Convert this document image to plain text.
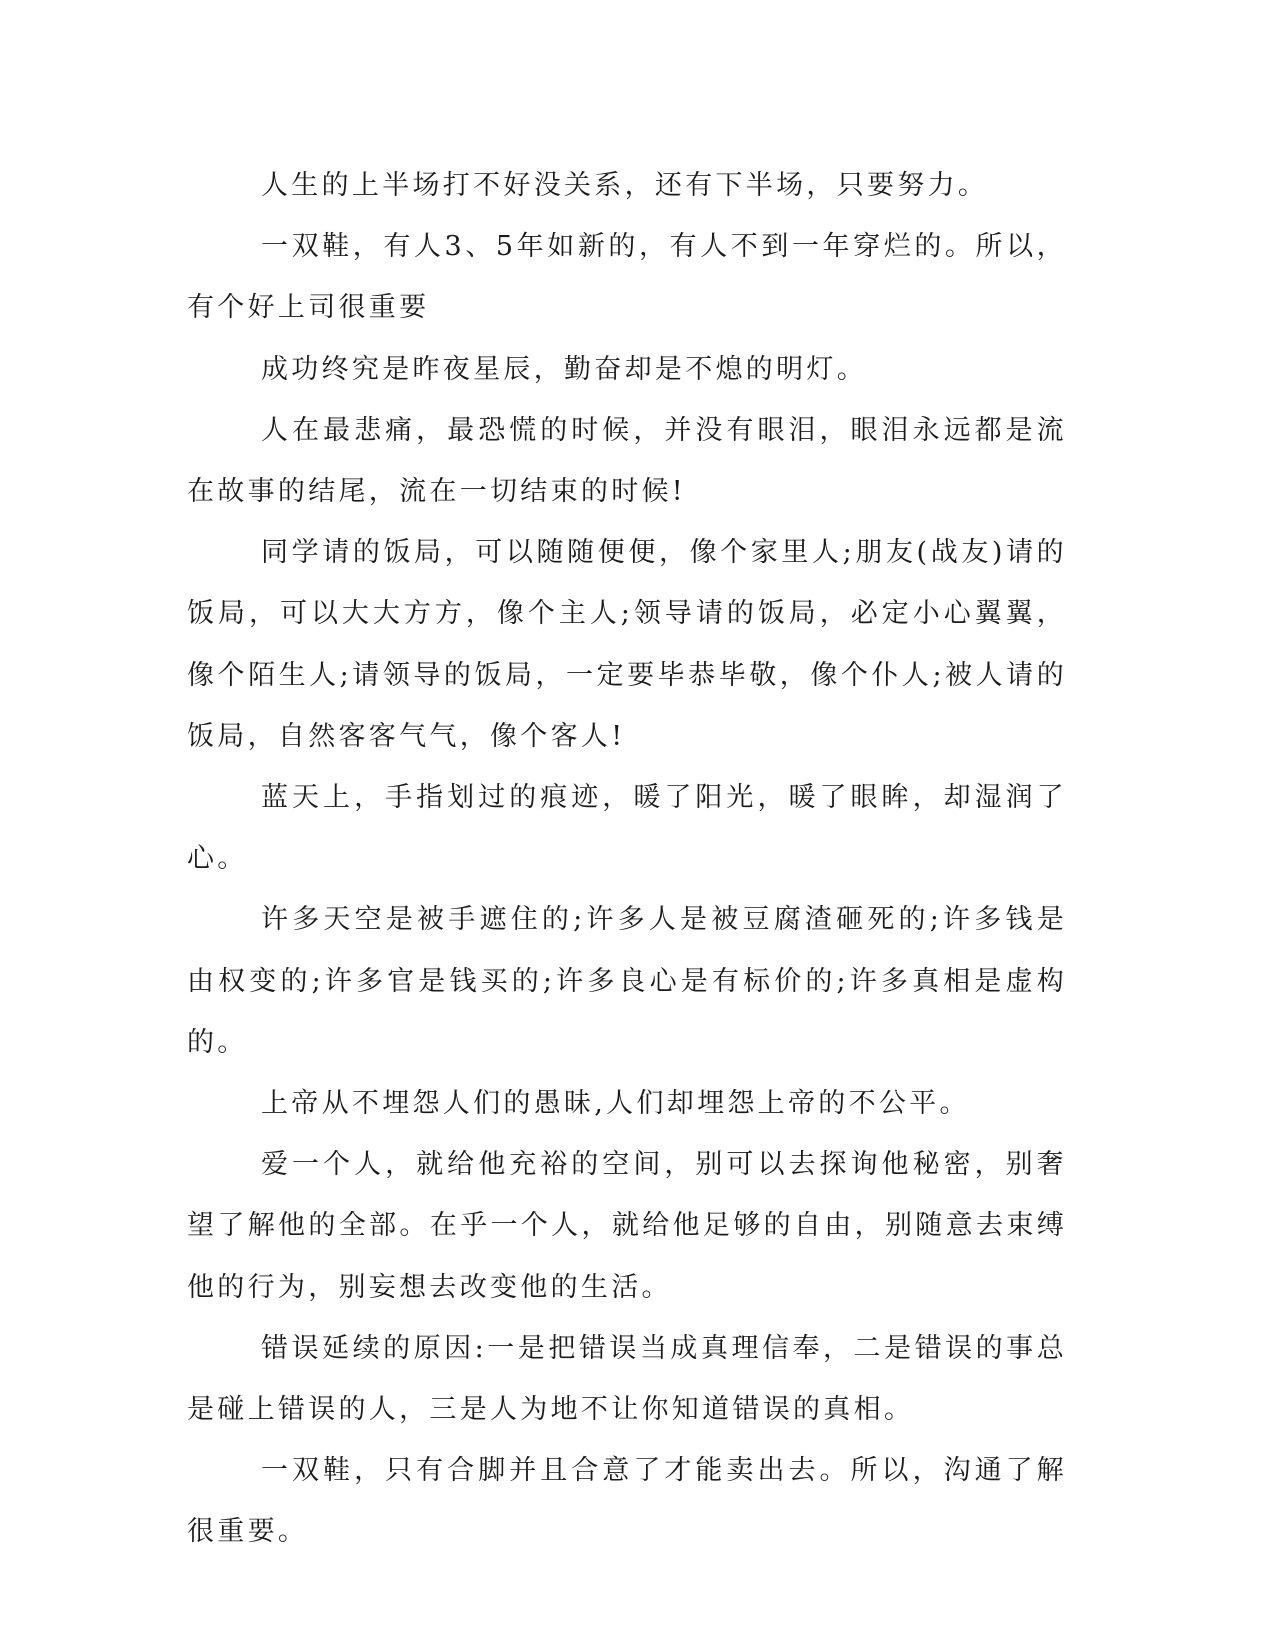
人生的上半场打不好没关系，还有下半场，只要努力。

一双鞋，有人3、5年如新的，有人不到一年穿烂的。所以，有个好上司很重要

成功终究是昨夜星辰，勤奋却是不熄的明灯。

人在最悲痛，最恐慌的时候，并没有眼泪，眼泪永远都是流在故事的结尾，流在一切结束的时候!

同学请的饭局，可以随随便便，像个家里人;朋友(战友)请的饭局，可以大大方方，像个主人;领导请的饭局，必定小心翼翼，像个陌生人;请领导的饭局，一定要毕恭毕敬，像个仆人;被人请的饭局，自然客客气气，像个客人!

蓝天上，手指划过的痕迹，暖了阳光，暖了眼眸，却湿润了心。

许多天空是被手遮住的;许多人是被豆腐渣砸死的;许多钱是由权变的;许多官是钱买的;许多良心是有标价的;许多真相是虚构的。

上帝从不埋怨人们的愚昧,人们却埋怨上帝的不公平。

爱一个人，就给他充裕的空间，别可以去探询他秘密，别奢望了解他的全部。在乎一个人，就给他足够的自由，别随意去束缚他的行为，别妄想去改变他的生活。

错误延续的原因:一是把错误当成真理信奉，二是错误的事总是碰上错误的人，三是人为地不让你知道错误的真相。

一双鞋，只有合脚并且合意了才能卖出去。所以，沟通了解很重要。
